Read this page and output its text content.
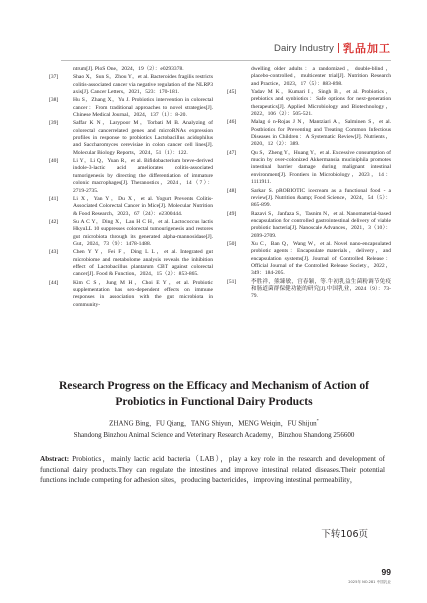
Dairy Industry 乳品加工
ntrum[J]. PloS One，2024，19（2）：e0293378.
[37]	Shao X，Sun S，Zhou Y，et al. Bacteroides fragilis restricts colitis-associated cancer via negative regulation of the NLRP3 axis[J]. Cancer Letters，2021，523：170-181.
[38]	Hu S，Zhang X，Yu J. Probiotics intervention in colorectal cancer：From traditional approaches to novel strategies[J]. Chinese Medical Journal，2024，137（1）：8-20.
[39]	Saffar K N，Larypoor M，Torbati M B. Analyzing of colorectal cancerrelated genes and microRNAs expression profiles in response to probiotics Lactobacillus acidophilus and Saccharomyces cerevisiae in colon cancer cell lines[J]. Molecular Biology Reports，2024，51（1）：122.
[40]	Li Y，Li Q，Yuan R，et al. Bifidobacterium breve-derived indole-3-lactic acid ameliorates colitis-associated tumorigenesis by directing the differentiation of immature colonic macrophages[J]. Theranostics，2024，14（7）：2719-2735.
[41]	Li X，Yan Y，Du X，et al. Yogurt Prevents Colitis-Associated Colorectal Cancer in Mice[J]. Molecular Nutrition & Food Research，2023，67（24）：e2300444.
[42]	Su A C Y，Ding X，Lau H C H，et al. Lactococcus lactis HkyuLL 10 suppresses colorectal tumourigenesis and restores gut microbiota through its generated alpha-mannosidase[J]. Gut，2024，73（9）：1478-1488.
[43]	Chen Y Y，Fei F，Ding L L，et al. Integrated gut microbiome and metabolome analysis reveals the inhibition effect of Lactobacillus plantarum CBT against colorectal cancer[J]. Food & Function，2024，15（2）：853-865.
[44]	Kim C S，Jung M H，Choi E Y，et al. Probiotic supplementation has sex-dependent effects on immune responses in association with the gut microbiota in community-
dwelling older adults：a randomized，double-blind，placebo-controlled，multicenter trial[J]. Nutrition Research and Practice，2023，17（5）：883-898.
[45]	Yadav M K，Kumari I，Singh B，et al. Probiotics，prebiotics and synbiotics：Safe options for next-generation therapeutics[J]. Applied Microbiology and Biotechnology，2022，106（2）：505-521.
[46]	Malag ó n-Rojas J N，Mantziari A，Salminen S，et al. Postbiotics for Preventing and Treating Common Infectious Diseases in Children：A Systematic Review[J]. Nutrients，2020，12（2）：389.
[47]	Qu S，Zheng Y，Huang Y，et al. Excessive consumption of mucin by over-colonized Akkermansia muciniphila promotes intestinal barrier damage during malignant intestinal environment[J]. Frontiers in Microbiology，2023，14：1111911.
[48]	Sarkar S. pROBIOTIC icecream as a functional food - a review[J]. Nutrition &amp; Food Science，2024，54（5）：865-899.
[49]	Razavi S，Janfaza S，Tasnim N，et al. Nanomaterial-based encapsulation for controlled gastrointestinal delivery of viable probiotic bacteria[J]. Nanoscale Advances，2021，3（10）：2699-2709.
[50]	Xu C，Ban Q，Wang W，et al. Novel nano-encapsulated probiotic agents：Encapsulate materials，delivery，and encapsulation systems[J]. Journal of Controlled Release：Official Journal of the Controlled Release Society，2022，349：184-205.
[51]	李胜祥，熊臻敏，宫春颖，等.牛初乳益生菌粉调节免疫和肠道菌群保健功能的研究[J].中国乳业，2024（9）：73-79.
Research Progress on the Efficacy and Mechanism of Action of Probiotics in Functional Dairy Products
ZHANG Bing，FU Qiang，TANG Shiyun，MENG Weiqin，FU Shijun*
Shandong Binzhou Animal Science and Veterinary Research Academy，Binzhou Shandong 256600
Abstract: Probiotics，mainly lactic acid bacteria（LAB），play a key role in the research and development of functional dairy products.They can regulate the intestines and improve intestinal related diseases.Their potential functions include competing for adhesion sites，producing bactericides，improving intestinal permeability，
下转106页
99
2025年 NO.281 中国乳业
